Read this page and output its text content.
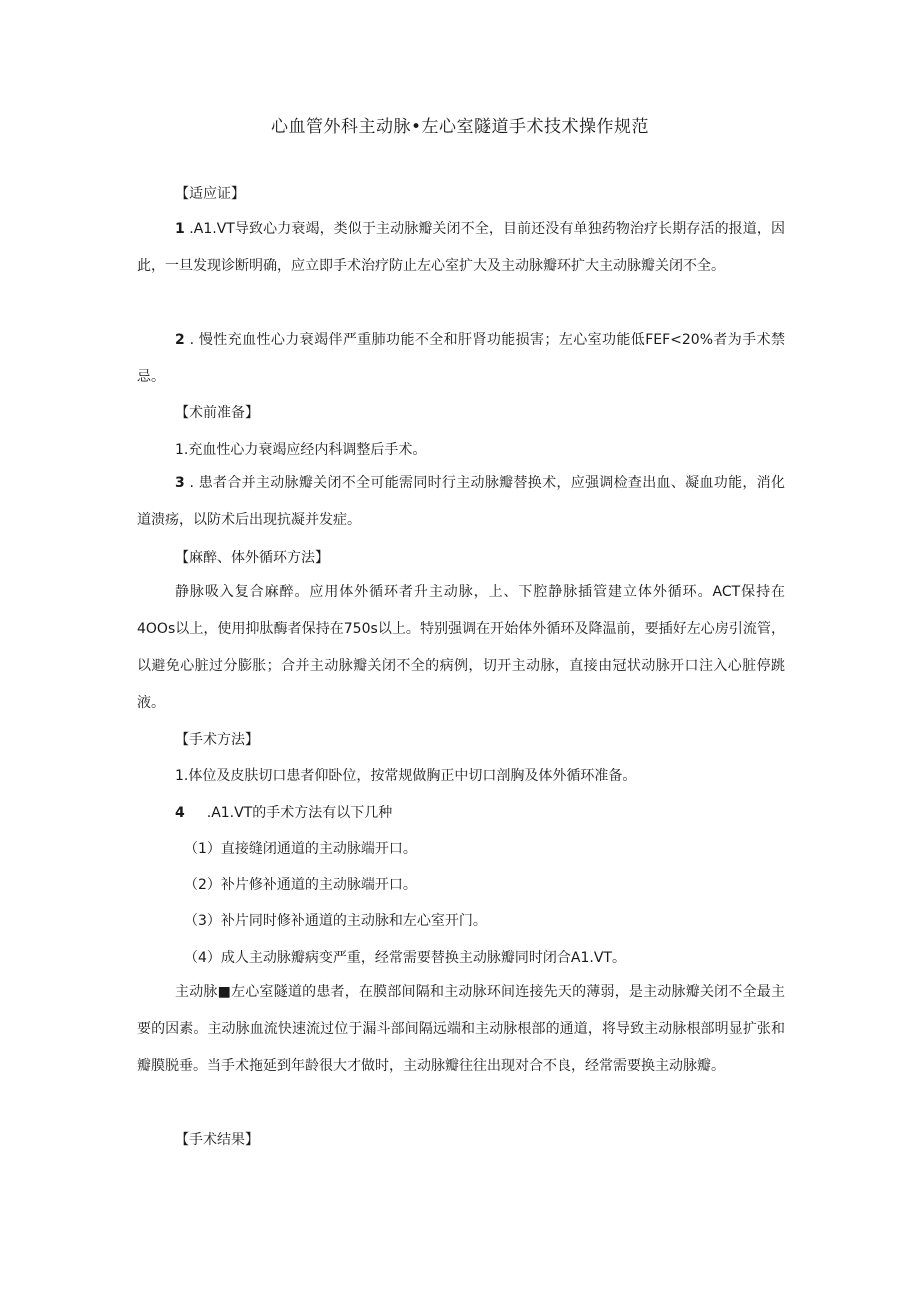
心血管外科主动脉•左心室隧道手术技术操作规范
【适应证】
1 .A1.VT导致心力衰竭，类似于主动脉瓣关闭不全，目前还没有单独药物治疗长期存活的报道，因此，一旦发现诊断明确，应立即手术治疗防止左心室扩大及主动脉瓣环扩大主动脉瓣关闭不全。
2 . 慢性充血性心力衰竭伴严重肺功能不全和肝肾功能损害；左心室功能低FEF<20%者为手术禁忌。
【术前准备】
1.充血性心力衰竭应经内科调整后手术。
3 . 患者合并主动脉瓣关闭不全可能需同时行主动脉瓣替换术，应强调检查出血、凝血功能，消化道溃疡，以防术后出现抗凝并发症。
【麻醉、体外循环方法】
静脉吸入复合麻醉。应用体外循环者升主动脉，上、下腔静脉插管建立体外循环。ACT保持在4OOs以上，使用抑肽酶者保持在750s以上。特别强调在开始体外循环及降温前，要插好左心房引流管，以避免心脏过分膨胀；合并主动脉瓣关闭不全的病例，切开主动脉，直接由冠状动脉开口注入心脏停跳液。
【手术方法】
1.体位及皮肤切口患者仰卧位，按常规做胸正中切口剖胸及体外循环准备。
4 .A1.VT的手术方法有以下几种
（1）直接缝闭通道的主动脉端开口。
（2）补片修补通道的主动脉端开口。
（3）补片同时修补通道的主动脉和左心室开门。
（4）成人主动脉瓣病变严重，经常需要替换主动脉瓣同时闭合A1.VT。
主动脉■左心室隧道的患者，在膜部间隔和主动脉环间连接先天的薄弱，是主动脉瓣关闭不全最主要的因素。主动脉血流快速流过位于漏斗部间隔远端和主动脉根部的通道，将导致主动脉根部明显扩张和瓣膜脱垂。当手术拖延到年龄很大才做时，主动脉瓣往往出现对合不良，经常需要换主动脉瓣。
【手术结果】
